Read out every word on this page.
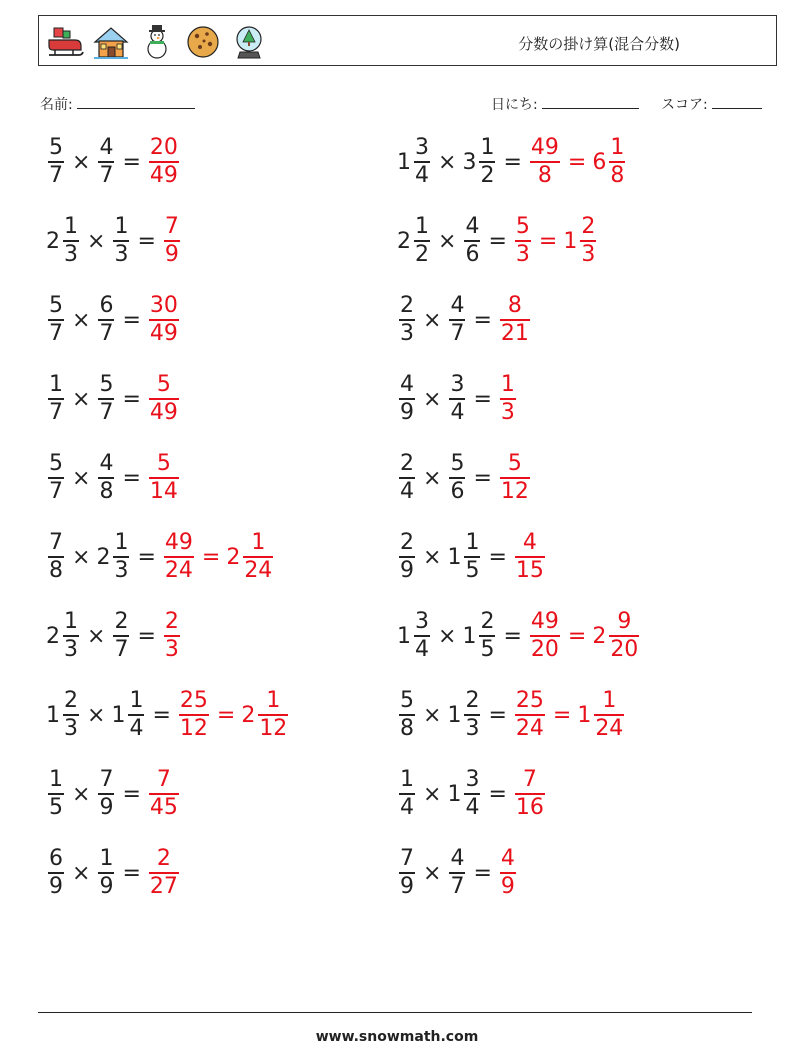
分数の掛け算(混合分数)
名前:	日にち:	スコア:
$\frac{5}{7} \times \frac{4}{7} = \frac{20}{49}$	$1 \frac{3}{4} \times 3 \frac{1}{2} = \frac{49}{8} = 6 \frac{1}{8}$
$2 \frac{1}{3} \times \frac{1}{3} = \frac{7}{9}$	$2 \frac{1}{2} \times \frac{4}{6} = \frac{5}{3} = 1 \frac{2}{3}$
$\frac{5}{7} \times \frac{6}{7} = \frac{30}{49}$	$\frac{2}{3} \times \frac{4}{7} = \frac{8}{21}$
$\frac{1}{7} \times \frac{5}{7} = \frac{5}{49}$	$\frac{4}{9} \times \frac{3}{4} = \frac{1}{3}$
$\frac{5}{7} \times \frac{4}{8} = \frac{5}{14}$	$\frac{2}{4} \times \frac{5}{6} = \frac{5}{12}$
$\frac{7}{8} \times 2 \frac{1}{3} = \frac{49}{24} = 2 \frac{1}{24}$	$\frac{2}{9} \times 1 \frac{1}{5} = \frac{4}{15}$
$2 \frac{1}{3} \times \frac{2}{7} = \frac{2}{3}$	$1 \frac{3}{4} \times 1 \frac{2}{5} = \frac{49}{20} = 2 \frac{9}{20}$
$1 \frac{2}{3} \times 1 \frac{1}{4} = \frac{25}{12} = 2 \frac{1}{12}$	$\frac{5}{8} \times 1 \frac{2}{3} = \frac{25}{24} = 1 \frac{1}{24}$
$\frac{1}{5} \times \frac{7}{9} = \frac{7}{45}$	$\frac{1}{4} \times 1 \frac{3}{4} = \frac{7}{16}$
$\frac{6}{9} \times \frac{1}{9} = \frac{2}{27}$	$\frac{7}{9} \times \frac{4}{7} = \frac{4}{9}$
www.snowmath.com
